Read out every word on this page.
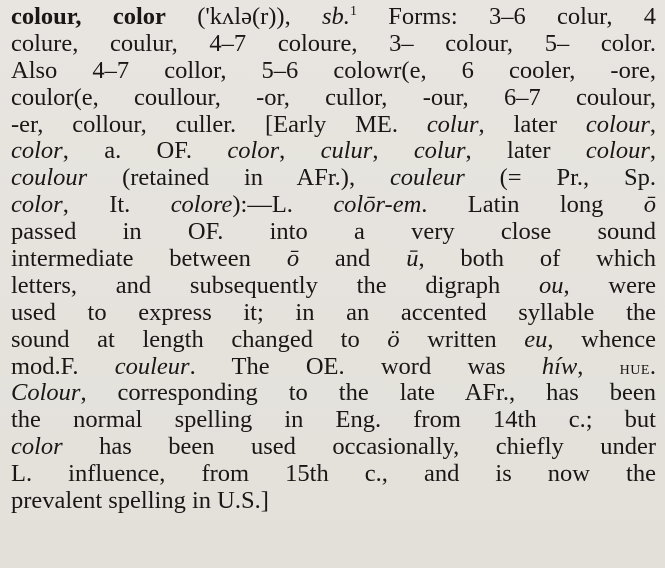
colour, color ('kʌlə(r)), sb.$^1$ Forms: 3–6 colur, 4
colure, coulur, 4–7 coloure, 3– colour, 5– color.
Also 4–7 collor, 5–6 colowr(e, 6 cooler, -ore,
coulor(e, coullour, -or, cullor, -our, 6–7 coulour,
-er, collour, culler. [Early ME. colur, later colour,
color, a. OF. color, culur, colur, later colour,
coulour (retained in AFr.), couleur (= Pr., Sp.
color, It. colore):—L. colōr-em. Latin long ō
passed in OF. into a very close sound
intermediate between ō and ū, both of which
letters, and subsequently the digraph ou, were
used to express it; in an accented syllable the
sound at length changed to ö written eu, whence
mod.F. couleur. The OE. word was híw, hue.
Colour, corresponding to the late AFr., has been
the normal spelling in Eng. from 14th c.; but
color has been used occasionally, chiefly under
L. influence, from 15th c., and is now the
prevalent spelling in U.S.]
